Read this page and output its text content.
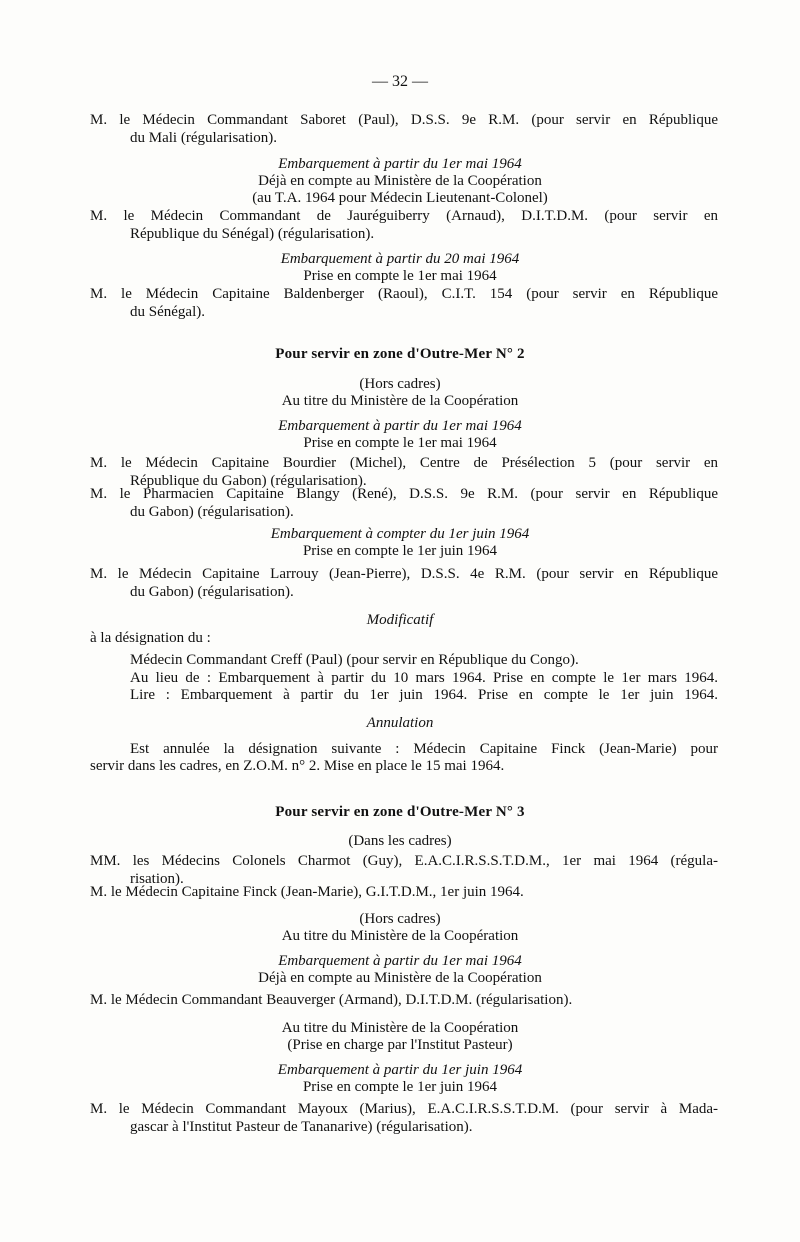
— 32 —
M. le Médecin Commandant Saboret (Paul), D.S.S. 9e R.M. (pour servir en République
du Mali (régularisation).
Embarquement à partir du 1er mai 1964
Déjà en compte au Ministère de la Coopération
(au T.A. 1964 pour Médecin Lieutenant-Colonel)
M. le Médecin Commandant de Jauréguiberry (Arnaud), D.I.T.D.M. (pour servir en
République du Sénégal) (régularisation).
Embarquement à partir du 20 mai 1964
Prise en compte le 1er mai 1964
M. le Médecin Capitaine Baldenberger (Raoul), C.I.T. 154 (pour servir en République
du Sénégal).
Pour servir en zone d'Outre-Mer N° 2
(Hors cadres)
Au titre du Ministère de la Coopération
Embarquement à partir du 1er mai 1964
Prise en compte le 1er mai 1964
M. le Médecin Capitaine Bourdier (Michel), Centre de Présélection 5 (pour servir en
République du Gabon) (régularisation).
M. le Pharmacien Capitaine Blangy (René), D.S.S. 9e R.M. (pour servir en République
du Gabon) (régularisation).
Embarquement à compter du 1er juin 1964
Prise en compte le 1er juin 1964
M. le Médecin Capitaine Larrouy (Jean-Pierre), D.S.S. 4e R.M. (pour servir en République
du Gabon) (régularisation).
Modificatif
à la désignation du :
Médecin Commandant Creff (Paul) (pour servir en République du Congo).
Au lieu de : Embarquement à partir du 10 mars 1964. Prise en compte le 1er mars 1964.
Lire : Embarquement à partir du 1er juin 1964. Prise en compte le 1er juin 1964.
Annulation
Est annulée la désignation suivante : Médecin Capitaine Finck (Jean-Marie) pour
servir dans les cadres, en Z.O.M. n° 2. Mise en place le 15 mai 1964.
Pour servir en zone d'Outre-Mer N° 3
(Dans les cadres)
MM. les Médecins Colonels Charmot (Guy), E.A.C.I.R.S.S.T.D.M., 1er mai 1964 (régula-
risation).
M. le Médecin Capitaine Finck (Jean-Marie), G.I.T.D.M., 1er juin 1964.
(Hors cadres)
Au titre du Ministère de la Coopération
Embarquement à partir du 1er mai 1964
Déjà en compte au Ministère de la Coopération
M. le Médecin Commandant Beauverger (Armand), D.I.T.D.M. (régularisation).
Au titre du Ministère de la Coopération
(Prise en charge par l'Institut Pasteur)
Embarquement à partir du 1er juin 1964
Prise en compte le 1er juin 1964
M. le Médecin Commandant Mayoux (Marius), E.A.C.I.R.S.S.T.D.M. (pour servir à Mada-
gascar à l'Institut Pasteur de Tananarive) (régularisation).
